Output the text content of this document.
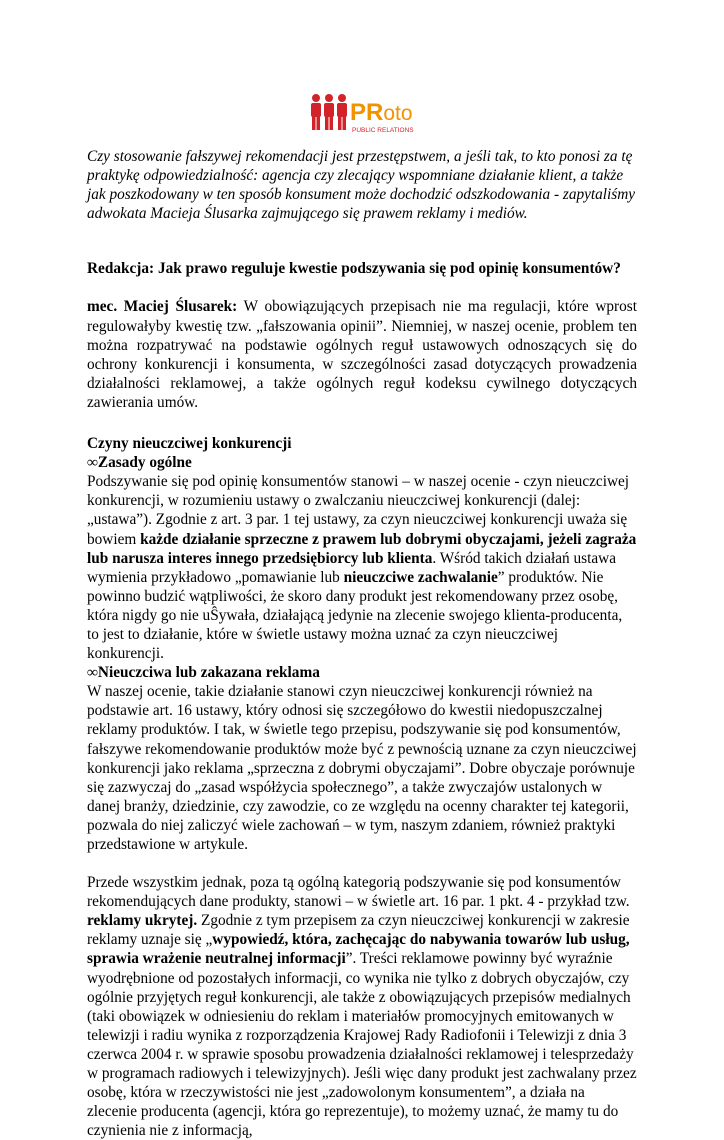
PRoto
PUBLIC RELATIONS

Czy stosowanie fałszywej rekomendacji jest przestępstwem, a jeśli tak, to kto ponosi za tę praktykę odpowiedzialność: agencja czy zlecający wspomniane działanie klient, a także jak poszkodowany w ten sposób konsument może dochodzić odszkodowania - zapytaliśmy adwokata Macieja Ślusarka zajmującego się prawem reklamy i mediów.

Redakcja: Jak prawo reguluje kwestie podszywania się pod opinię konsumentów?

mec. Maciej Ślusarek: W obowiązujących przepisach nie ma regulacji, które wprost regulowałyby kwestię tzw. „fałszowania opinii”. Niemniej, w naszej ocenie, problem ten można rozpatrywać na podstawie ogólnych reguł ustawowych odnoszących się do ochrony konkurencji i konsumenta, w szczególności zasad dotyczących prowadzenia działalności reklamowej, a także ogólnych reguł kodeksu cywilnego dotyczących zawierania umów.

Czyny nieuczciwej konkurencji

∞Zasady ogólne

Podszywanie się pod opinię konsumentów stanowi – w naszej ocenie - czyn nieuczciwej konkurencji, w rozumieniu ustawy o zwalczaniu nieuczciwej konkurencji (dalej: „ustawa”). Zgodnie z art. 3 par. 1 tej ustawy, za czyn nieuczciwej konkurencji uważa się bowiem każde działanie sprzeczne z prawem lub dobrymi obyczajami, jeżeli zagraża lub narusza interes innego przedsiębiorcy lub klienta. Wśród takich działań ustawa wymienia przykładowo „pomawianie lub nieuczciwe zachwalanie” produktów. Nie powinno budzić wątpliwości, że skoro dany produkt jest rekomendowany przez osobę, która nigdy go nie uŜywała, działającą jedynie na zlecenie swojego klienta-producenta, to jest to działanie, które w świetle ustawy można uznać za czyn nieuczciwej konkurencji.

∞Nieuczciwa lub zakazana reklama

W naszej ocenie, takie działanie stanowi czyn nieuczciwej konkurencji również na podstawie art. 16 ustawy, który odnosi się szczegółowo do kwestii niedopuszczalnej reklamy produktów. I tak, w świetle tego przepisu, podszywanie się pod konsumentów, fałszywe rekomendowanie produktów może być z pewnością uznane za czyn nieuczciwej konkurencji jako reklama „sprzeczna z dobrymi obyczajami”. Dobre obyczaje porównuje się zazwyczaj do „zasad współżycia społecznego”, a także zwyczajów ustalonych w danej branży, dziedzinie, czy zawodzie, co ze względu na ocenny charakter tej kategorii, pozwala do niej zaliczyć wiele zachowań – w tym, naszym zdaniem, również praktyki przedstawione w artykule.

Przede wszystkim jednak, poza tą ogólną kategorią podszywanie się pod konsumentów rekomendujących dane produkty, stanowi – w świetle art. 16 par. 1 pkt. 4 - przykład tzw. reklamy ukrytej. Zgodnie z tym przepisem za czyn nieuczciwej konkurencji w zakresie reklamy uznaje się „wypowiedź, która, zachęcając do nabywania towarów lub usług, sprawia wrażenie neutralnej informacji”. Treści reklamowe powinny być wyraźnie wyodrębnione od pozostałych informacji, co wynika nie tylko z dobrych obyczajów, czy ogólnie przyjętych reguł konkurencji, ale także z obowiązujących przepisów medialnych (taki obowiązek w odniesieniu do reklam i materiałów promocyjnych emitowanych w telewizji i radiu wynika z rozporządzenia Krajowej Rady Radiofonii i Telewizji z dnia 3 czerwca 2004 r. w sprawie sposobu prowadzenia działalności reklamowej i telesprzedaży w programach radiowych i telewizyjnych). Jeśli więc dany produkt jest zachwalany przez osobę, która w rzeczywistości nie jest „zadowolonym konsumentem”, a działa na zlecenie producenta (agencji, która go reprezentuje), to możemy uznać, że mamy tu do czynienia nie z informacją,
